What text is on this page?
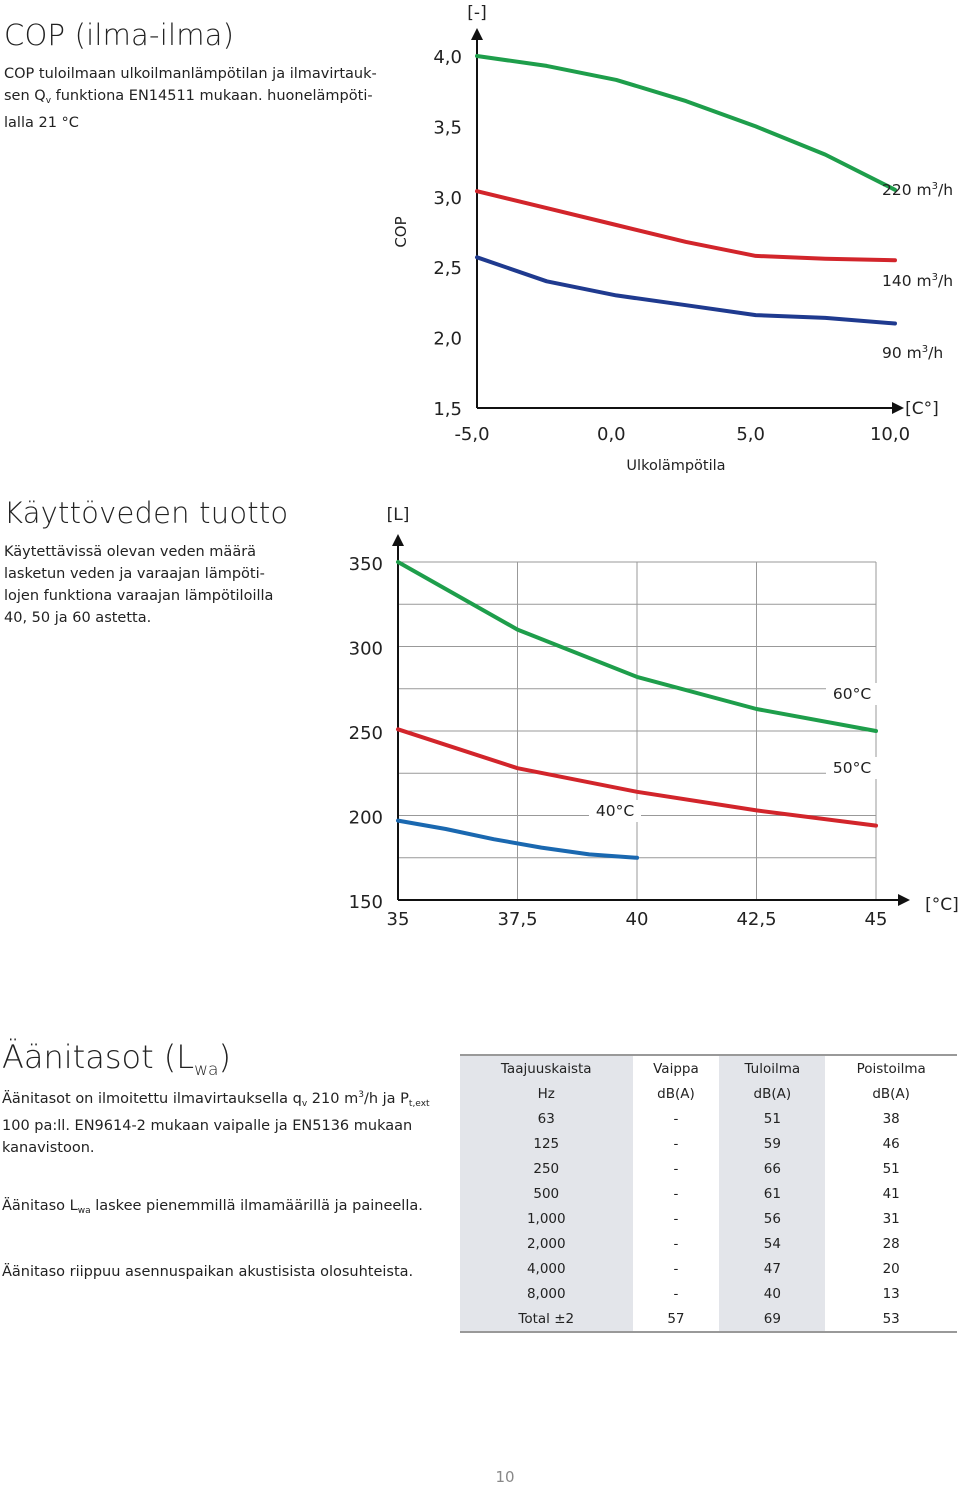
COP (ilma-ilma)
COP tuloilmaan ulkoilmanlämpötilan ja ilmavirtauk-
sen $Q_v$ funktiona EN14511 mukaan. huonelämpöti-
lalla 21 °C
[-]
[C°]
COP
Ulkolämpötila
4,0
3,5
3,0
2,5
2,0
1,5
-5,0	0,0	5,0	10,0
220 $m^3/h$
140 $m^3/h$
90 $m^3/h$
Käyttöveden tuotto
Käytettävissä olevan veden määrä
lasketun veden ja varaajan lämpöti-
lojen funktiona varaajan lämpötiloilla
40, 50 ja 60 astetta.
[L]
[°C]
350
300
250
200
150
35	37,5	40	42,5	45
60°C
50°C
40°C
Äänitasot $(L_{wa})$
Äänitasot on ilmoitettu ilmavirtauksella $q_v$ 210 $m^3/h$ ja $P_{t,ext}$
100 pa:ll. EN9614-2 mukaan vaipalle ja EN5136 mukaan
kanavistoon.
Äänitaso $L_{wa}$ laskee pienemmillä ilmamäärillä ja paineella.
Äänitaso riippuu asennuspaikan akustisista olosuhteista.
Taajuuskaista	Vaippa	Tuloilma	Poistoilma
Hz	dB(A)	dB(A)	dB(A)
63	-	51	38
125	-	59	46
250	-	66	51
500	-	61	41
1,000	-	56	31
2,000	-	54	28
4,000	-	47	20
8,000	-	40	13
Total ±2	57	69	53
10
